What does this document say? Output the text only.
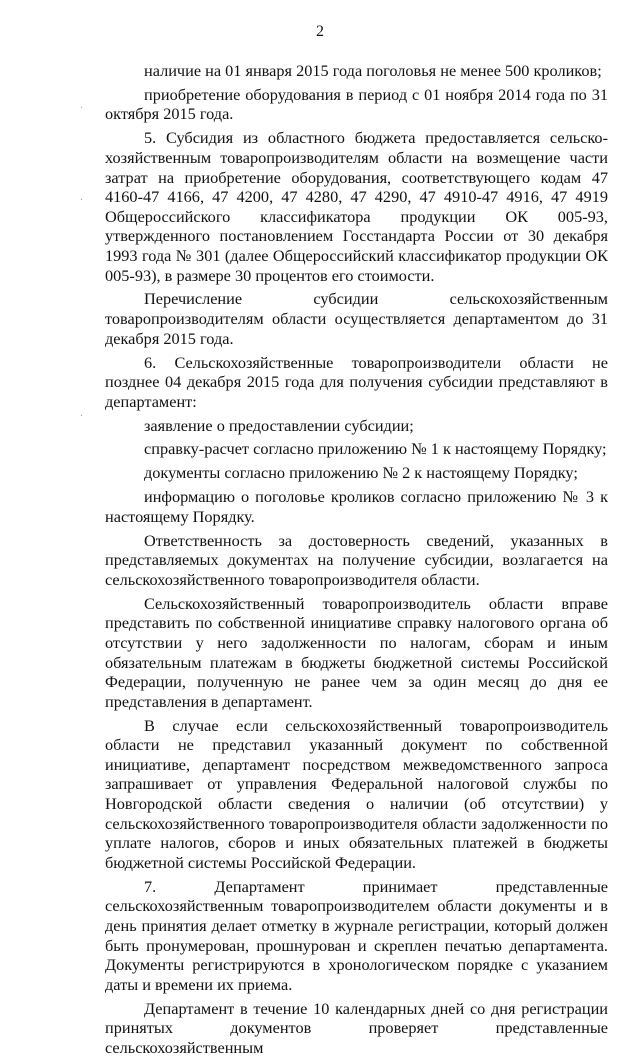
2

наличие на 01 января 2015 года поголовья не менее 500 кроликов;

приобретение оборудования в период с 01 ноября 2014 года по 31 октября 2015 года.

5. Субсидия из областного бюджета предоставляется сельско-хозяйственным товаропроизводителям области на возмещение части затрат на приобретение оборудования, соответствующего кодам 47 4160-47 4166, 47 4200, 47 4280, 47 4290, 47 4910-47 4916, 47 4919 Общероссийского классификатора продукции ОК 005-93, утвержденного постановлением Госстандарта России от 30 декабря 1993 года № 301 (далее Общероссийский классификатор продукции ОК 005-93), в размере 30 процентов его стоимости.

Перечисление субсидии сельскохозяйственным товаропроизводителям области осуществляется департаментом до 31 декабря 2015 года.

6. Сельскохозяйственные товаропроизводители области не позднее 04 декабря 2015 года для получения субсидии представляют в департамент:

заявление о предоставлении субсидии;

справку-расчет согласно приложению № 1 к настоящему Порядку;

документы согласно приложению № 2 к настоящему Порядку;

информацию о поголовье кроликов согласно приложению № 3 к настоящему Порядку.

Ответственность за достоверность сведений, указанных в представляемых документах на получение субсидии, возлагается на сельскохозяйственного товаропроизводителя области.

Сельскохозяйственный товаропроизводитель области вправе представить по собственной инициативе справку налогового органа об отсутствии у него задолженности по налогам, сборам и иным обязательным платежам в бюджеты бюджетной системы Российской Федерации, полученную не ранее чем за один месяц до дня ее представления в департамент.

В случае если сельскохозяйственный товаропроизводитель области не представил указанный документ по собственной инициативе, департамент посредством межведомственного запроса запрашивает от управления Федеральной налоговой службы по Новгородской области сведения о наличии (об отсутствии) у сельскохозяйственного товаропроизводителя области задолженности по уплате налогов, сборов и иных обязательных платежей в бюджеты бюджетной системы Российской Федерации.

7. Департамент принимает представленные сельскохозяйственным товаропроизводителем области документы и в день принятия делает отметку в журнале регистрации, который должен быть пронумерован, прошнурован и скреплен печатью департамента. Документы регистрируются в хронологическом порядке с указанием даты и времени их приема.

Департамент в течение 10 календарных дней со дня регистрации принятых документов проверяет представленные сельскохозяйственным

·
·
·
